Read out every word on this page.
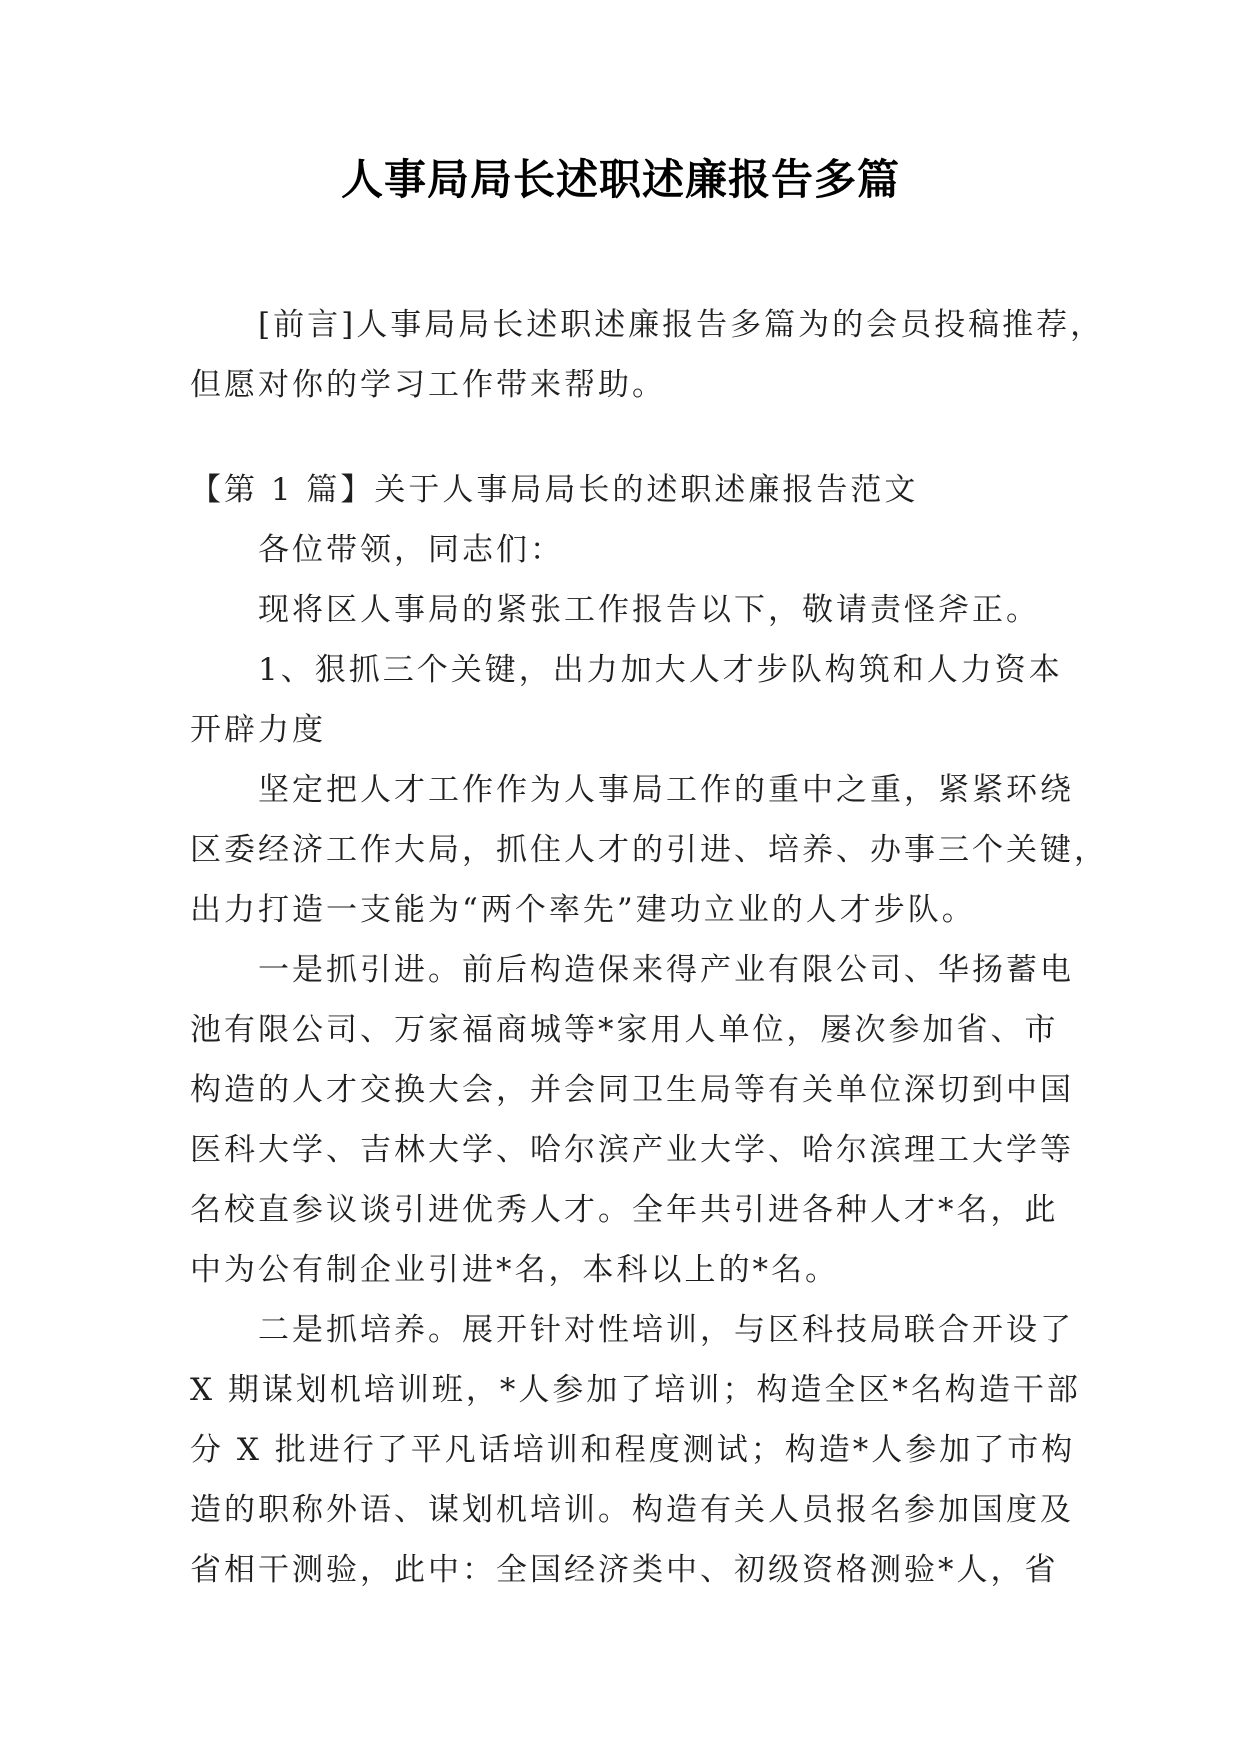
人事局局长述职述廉报告多篇

[前言]人事局局长述职述廉报告多篇为的会员投稿推荐，

但愿对你的学习工作带来帮助。

【第 1 篇】关于人事局局长的述职述廉报告范文

各位带领，同志们：

现将区人事局的紧张工作报告以下，敬请责怪斧正。

1、狠抓三个关键，出力加大人才步队构筑和人力资本

开辟力度

坚定把人才工作作为人事局工作的重中之重，紧紧环绕

区委经济工作大局，抓住人才的引进、培养、办事三个关键，

出力打造一支能为“两个率先”建功立业的人才步队。

一是抓引进。前后构造保来得产业有限公司、华扬蓄电

池有限公司、万家福商城等*家用人单位，屡次参加省、市

构造的人才交换大会，并会同卫生局等有关单位深切到中国

医科大学、吉林大学、哈尔滨产业大学、哈尔滨理工大学等

名校直参议谈引进优秀人才。全年共引进各种人才*名，此

中为公有制企业引进*名，本科以上的*名。

二是抓培养。展开针对性培训，与区科技局联合开设了

X 期谋划机培训班，*人参加了培训；构造全区*名构造干部

分 X 批进行了平凡话培训和程度测试；构造*人参加了市构

造的职称外语、谋划机培训。构造有关人员报名参加国度及

省相干测验，此中：全国经济类中、初级资格测验*人，省
